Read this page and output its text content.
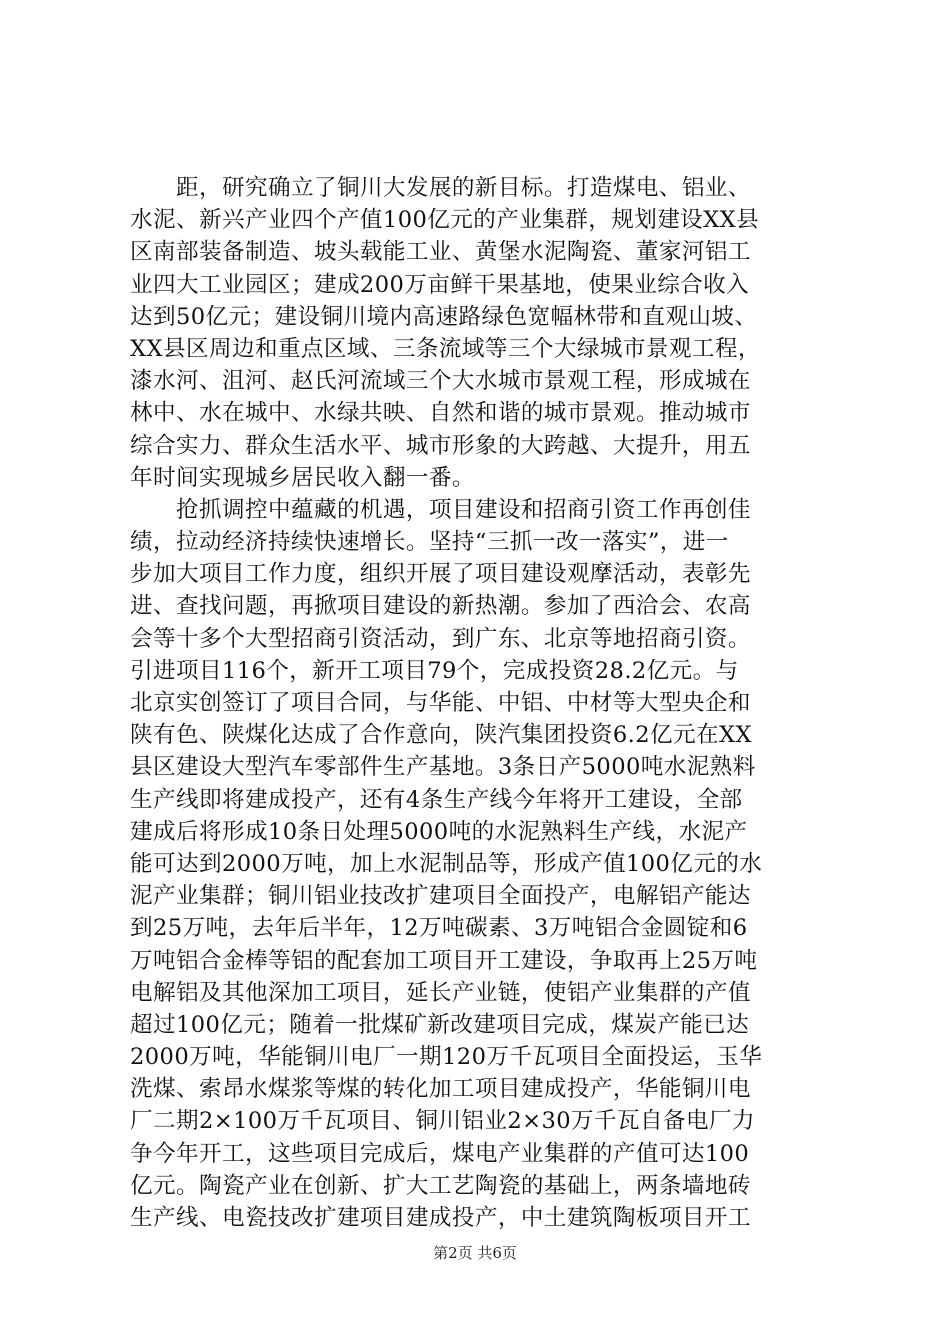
　　距，研究确立了铜川大发展的新目标。打造煤电、铝业、
水泥、新兴产业四个产值100亿元的产业集群，规划建设XX县
区南部装备制造、坡头载能工业、黄堡水泥陶瓷、董家河铝工
业四大工业园区；建成200万亩鲜干果基地，使果业综合收入
达到50亿元；建设铜川境内高速路绿色宽幅林带和直观山坡、
XX县区周边和重点区域、三条流域等三个大绿城市景观工程，
漆水河、沮河、赵氏河流域三个大水城市景观工程，形成城在
林中、水在城中、水绿共映、自然和谐的城市景观。推动城市
综合实力、群众生活水平、城市形象的大跨越、大提升，用五
年时间实现城乡居民收入翻一番。
　　抢抓调控中蕴藏的机遇，项目建设和招商引资工作再创佳
绩，拉动经济持续快速增长。坚持“三抓一改一落实”，进一
步加大项目工作力度，组织开展了项目建设观摩活动，表彰先
进、查找问题，再掀项目建设的新热潮。参加了西洽会、农高
会等十多个大型招商引资活动，到广东、北京等地招商引资。
引进项目116个，新开工项目79个，完成投资28.2亿元。与
北京实创签订了项目合同，与华能、中铝、中材等大型央企和
陕有色、陕煤化达成了合作意向，陕汽集团投资6.2亿元在XX
县区建设大型汽车零部件生产基地。3条日产5000吨水泥熟料
生产线即将建成投产，还有4条生产线今年将开工建设，全部
建成后将形成10条日处理5000吨的水泥熟料生产线，水泥产
能可达到2000万吨，加上水泥制品等，形成产值100亿元的水
泥产业集群；铜川铝业技改扩建项目全面投产，电解铝产能达
到25万吨，去年后半年，12万吨碳素、3万吨铝合金圆锭和6
万吨铝合金棒等铝的配套加工项目开工建设，争取再上25万吨
电解铝及其他深加工项目，延长产业链，使铝产业集群的产值
超过100亿元；随着一批煤矿新改建项目完成，煤炭产能已达
2000万吨，华能铜川电厂一期120万千瓦项目全面投运，玉华
洗煤、索昂水煤浆等煤的转化加工项目建成投产，华能铜川电
厂二期2×100万千瓦项目、铜川铝业2×30万千瓦自备电厂力
争今年开工，这些项目完成后，煤电产业集群的产值可达100
亿元。陶瓷产业在创新、扩大工艺陶瓷的基础上，两条墙地砖
生产线、电瓷技改扩建项目建成投产，中土建筑陶板项目开工
第2页 共6页
